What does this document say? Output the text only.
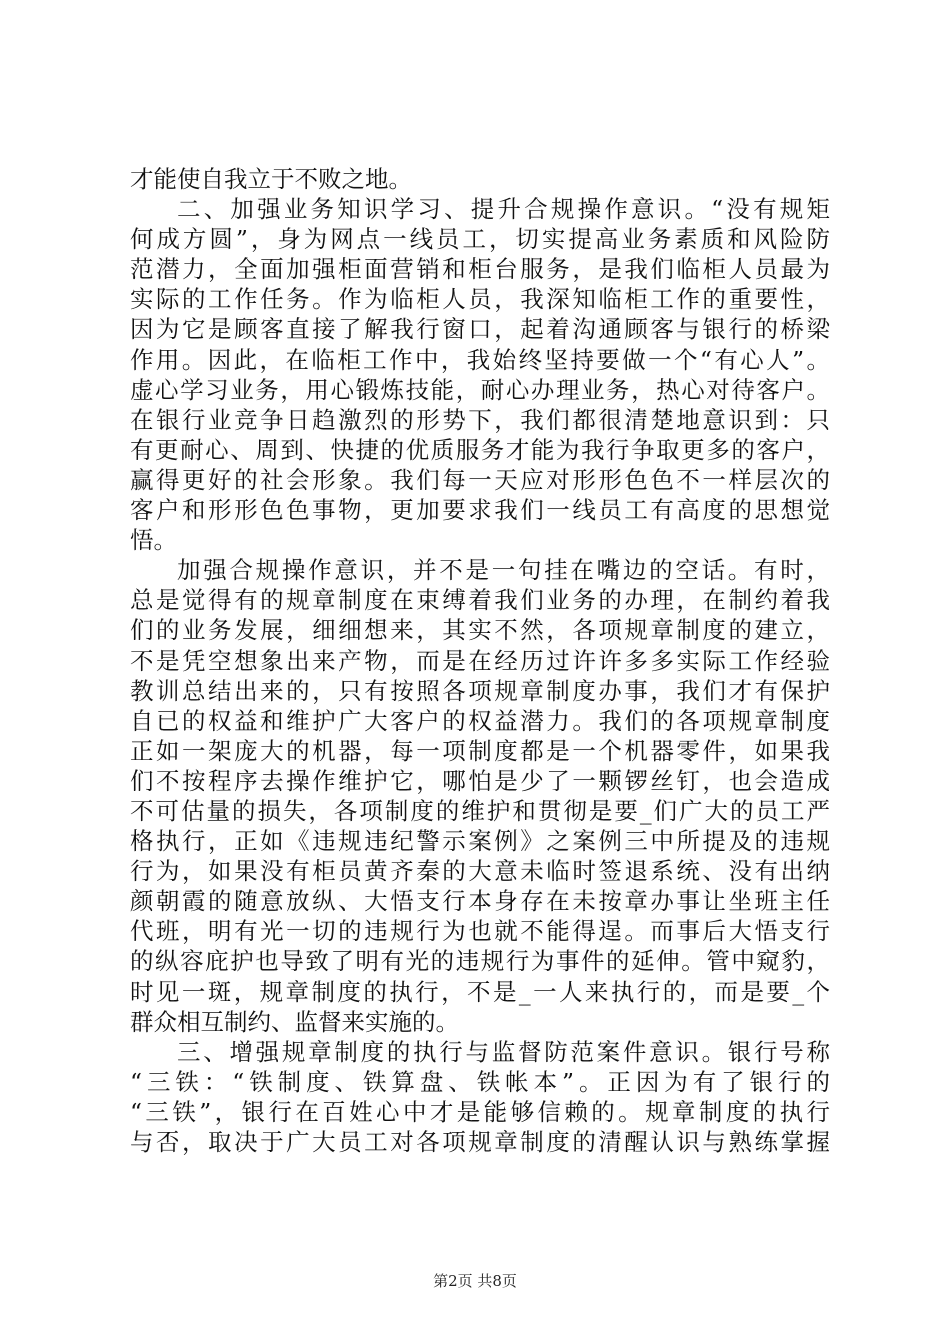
才能使自我立于不败之地。
二、加强业务知识学习、提升合规操作意识。“没有规矩
何成方圆”，身为网点一线员工，切实提高业务素质和风险防
范潜力，全面加强柜面营销和柜台服务，是我们临柜人员最为
实际的工作任务。作为临柜人员，我深知临柜工作的重要性，
因为它是顾客直接了解我行窗口，起着沟通顾客与银行的桥梁
作用。因此，在临柜工作中，我始终坚持要做一个“有心人”。
虚心学习业务，用心锻炼技能，耐心办理业务，热心对待客户。
在银行业竞争日趋激烈的形势下，我们都很清楚地意识到：只
有更耐心、周到、快捷的优质服务才能为我行争取更多的客户，
赢得更好的社会形象。我们每一天应对形形色色不一样层次的
客户和形形色色事物，更加要求我们一线员工有高度的思想觉
悟。
加强合规操作意识，并不是一句挂在嘴边的空话。有时，
总是觉得有的规章制度在束缚着我们业务的办理，在制约着我
们的业务发展，细细想来，其实不然，各项规章制度的建立，
不是凭空想象出来产物，而是在经历过许许多多实际工作经验
教训总结出来的，只有按照各项规章制度办事，我们才有保护
自已的权益和维护广大客户的权益潜力。我们的各项规章制度
正如一架庞大的机器，每一项制度都是一个机器零件，如果我
们不按程序去操作维护它，哪怕是少了一颗锣丝钉，也会造成
不可估量的损失，各项制度的维护和贯彻是要_们广大的员工严
格执行，正如《违规违纪警示案例》之案例三中所提及的违规
行为，如果没有柜员黄齐秦的大意未临时签退系统、没有出纳
颜朝霞的随意放纵、大悟支行本身存在未按章办事让坐班主任
代班，明有光一切的违规行为也就不能得逞。而事后大悟支行
的纵容庇护也导致了明有光的违规行为事件的延伸。管中窥豹，
时见一斑，规章制度的执行，不是_一人来执行的，而是要_个
群众相互制约、监督来实施的。
三、增强规章制度的执行与监督防范案件意识。银行号称
“三铁：“铁制度、铁算盘、铁帐本”。正因为有了银行的
“三铁”，银行在百姓心中才是能够信赖的。规章制度的执行
与否，取决于广大员工对各项规章制度的清醒认识与熟练掌握
第2页 共8页
